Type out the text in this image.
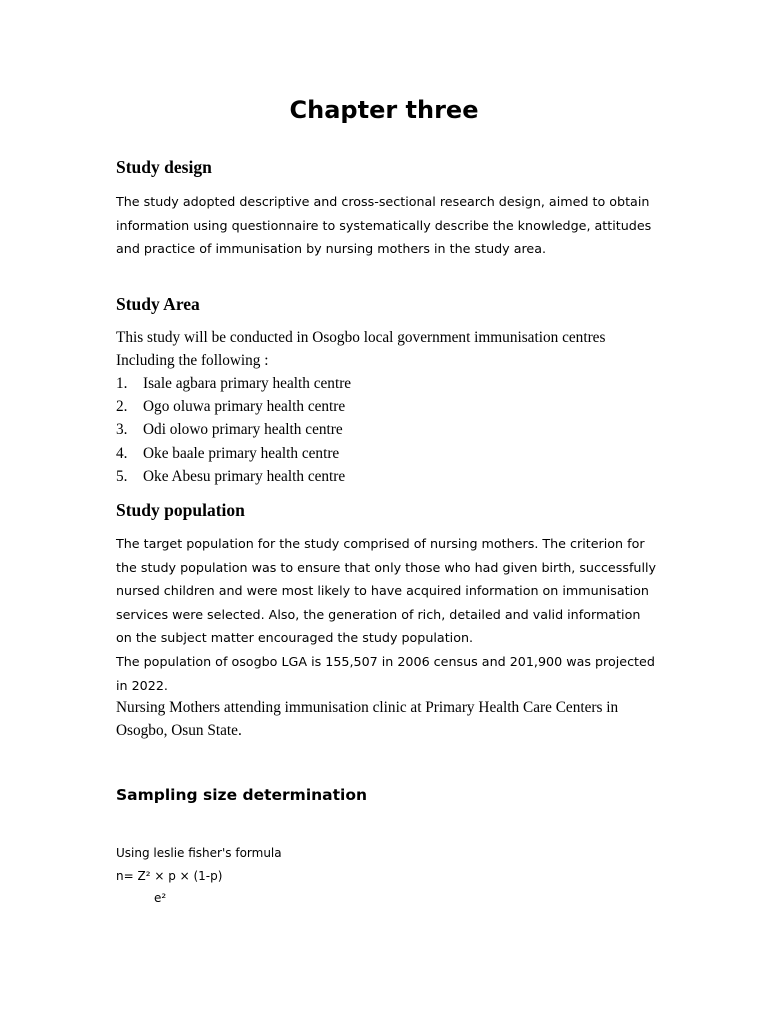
Chapter three
Study design

The study adopted descriptive and cross-sectional research design, aimed to obtain information using questionnaire to systematically describe the knowledge, attitudes and practice of immunisation by nursing mothers in the study area.

Study Area

This study will be conducted in Osogbo local government immunisation centres

Including the following :

1.	Isale agbara primary health centre
2.	Ogo oluwa primary health centre
3.	Odi olowo primary health centre
4.	Oke baale primary health centre
5.	Oke Abesu primary health centre
Study population

The target population for the study comprised of nursing mothers. The criterion for the study population was to ensure that only those who had given birth, successfully nursed children and were most likely to have acquired information on immunisation services were selected. Also, the generation of rich, detailed and valid information on the subject matter encouraged the study population.

The population of osogbo LGA is 155,507 in 2006 census and 201,900 was projected in 2022.

Nursing Mothers attending immunisation clinic at Primary Health Care Centers in Osogbo, Osun State.

Sampling size determination

Using leslie fisher's formula

n= Z² × p × (1-p)

e²
